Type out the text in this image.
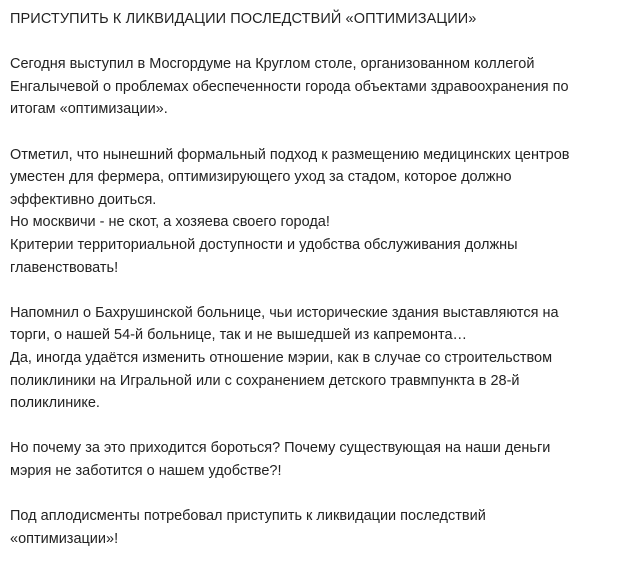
ПРИСТУПИТЬ К ЛИКВИДАЦИИ ПОСЛЕДСТВИЙ «ОПТИМИЗАЦИИ»

Сегодня выступил в Мосгордуме на Круглом столе, организованном коллегой
Енгалычевой о проблемах обеспеченности города объектами здравоохранения по
итогам «оптимизации».

Отметил, что нынешний формальный подход к размещению медицинских центров
уместен для фермера, оптимизирующего уход за стадом, которое должно
эффективно доиться.
Но москвичи - не скот, а хозяева своего города!
Критерии территориальной доступности и удобства обслуживания должны
главенствовать!

Напомнил о Бахрушинской больнице, чьи исторические здания выставляются на
торги, о нашей 54-й больнице, так и не вышедшей из капремонта…
Да, иногда удаётся изменить отношение мэрии, как в случае со строительством
поликлиники на Игральной или с сохранением детского травмпункта в 28-й
поликлинике.

Но почему за это приходится бороться? Почему существующая на наши деньги
мэрия не заботится о нашем удобстве?!

Под аплодисменты потребовал приступить к ликвидации последствий
«оптимизации»!
